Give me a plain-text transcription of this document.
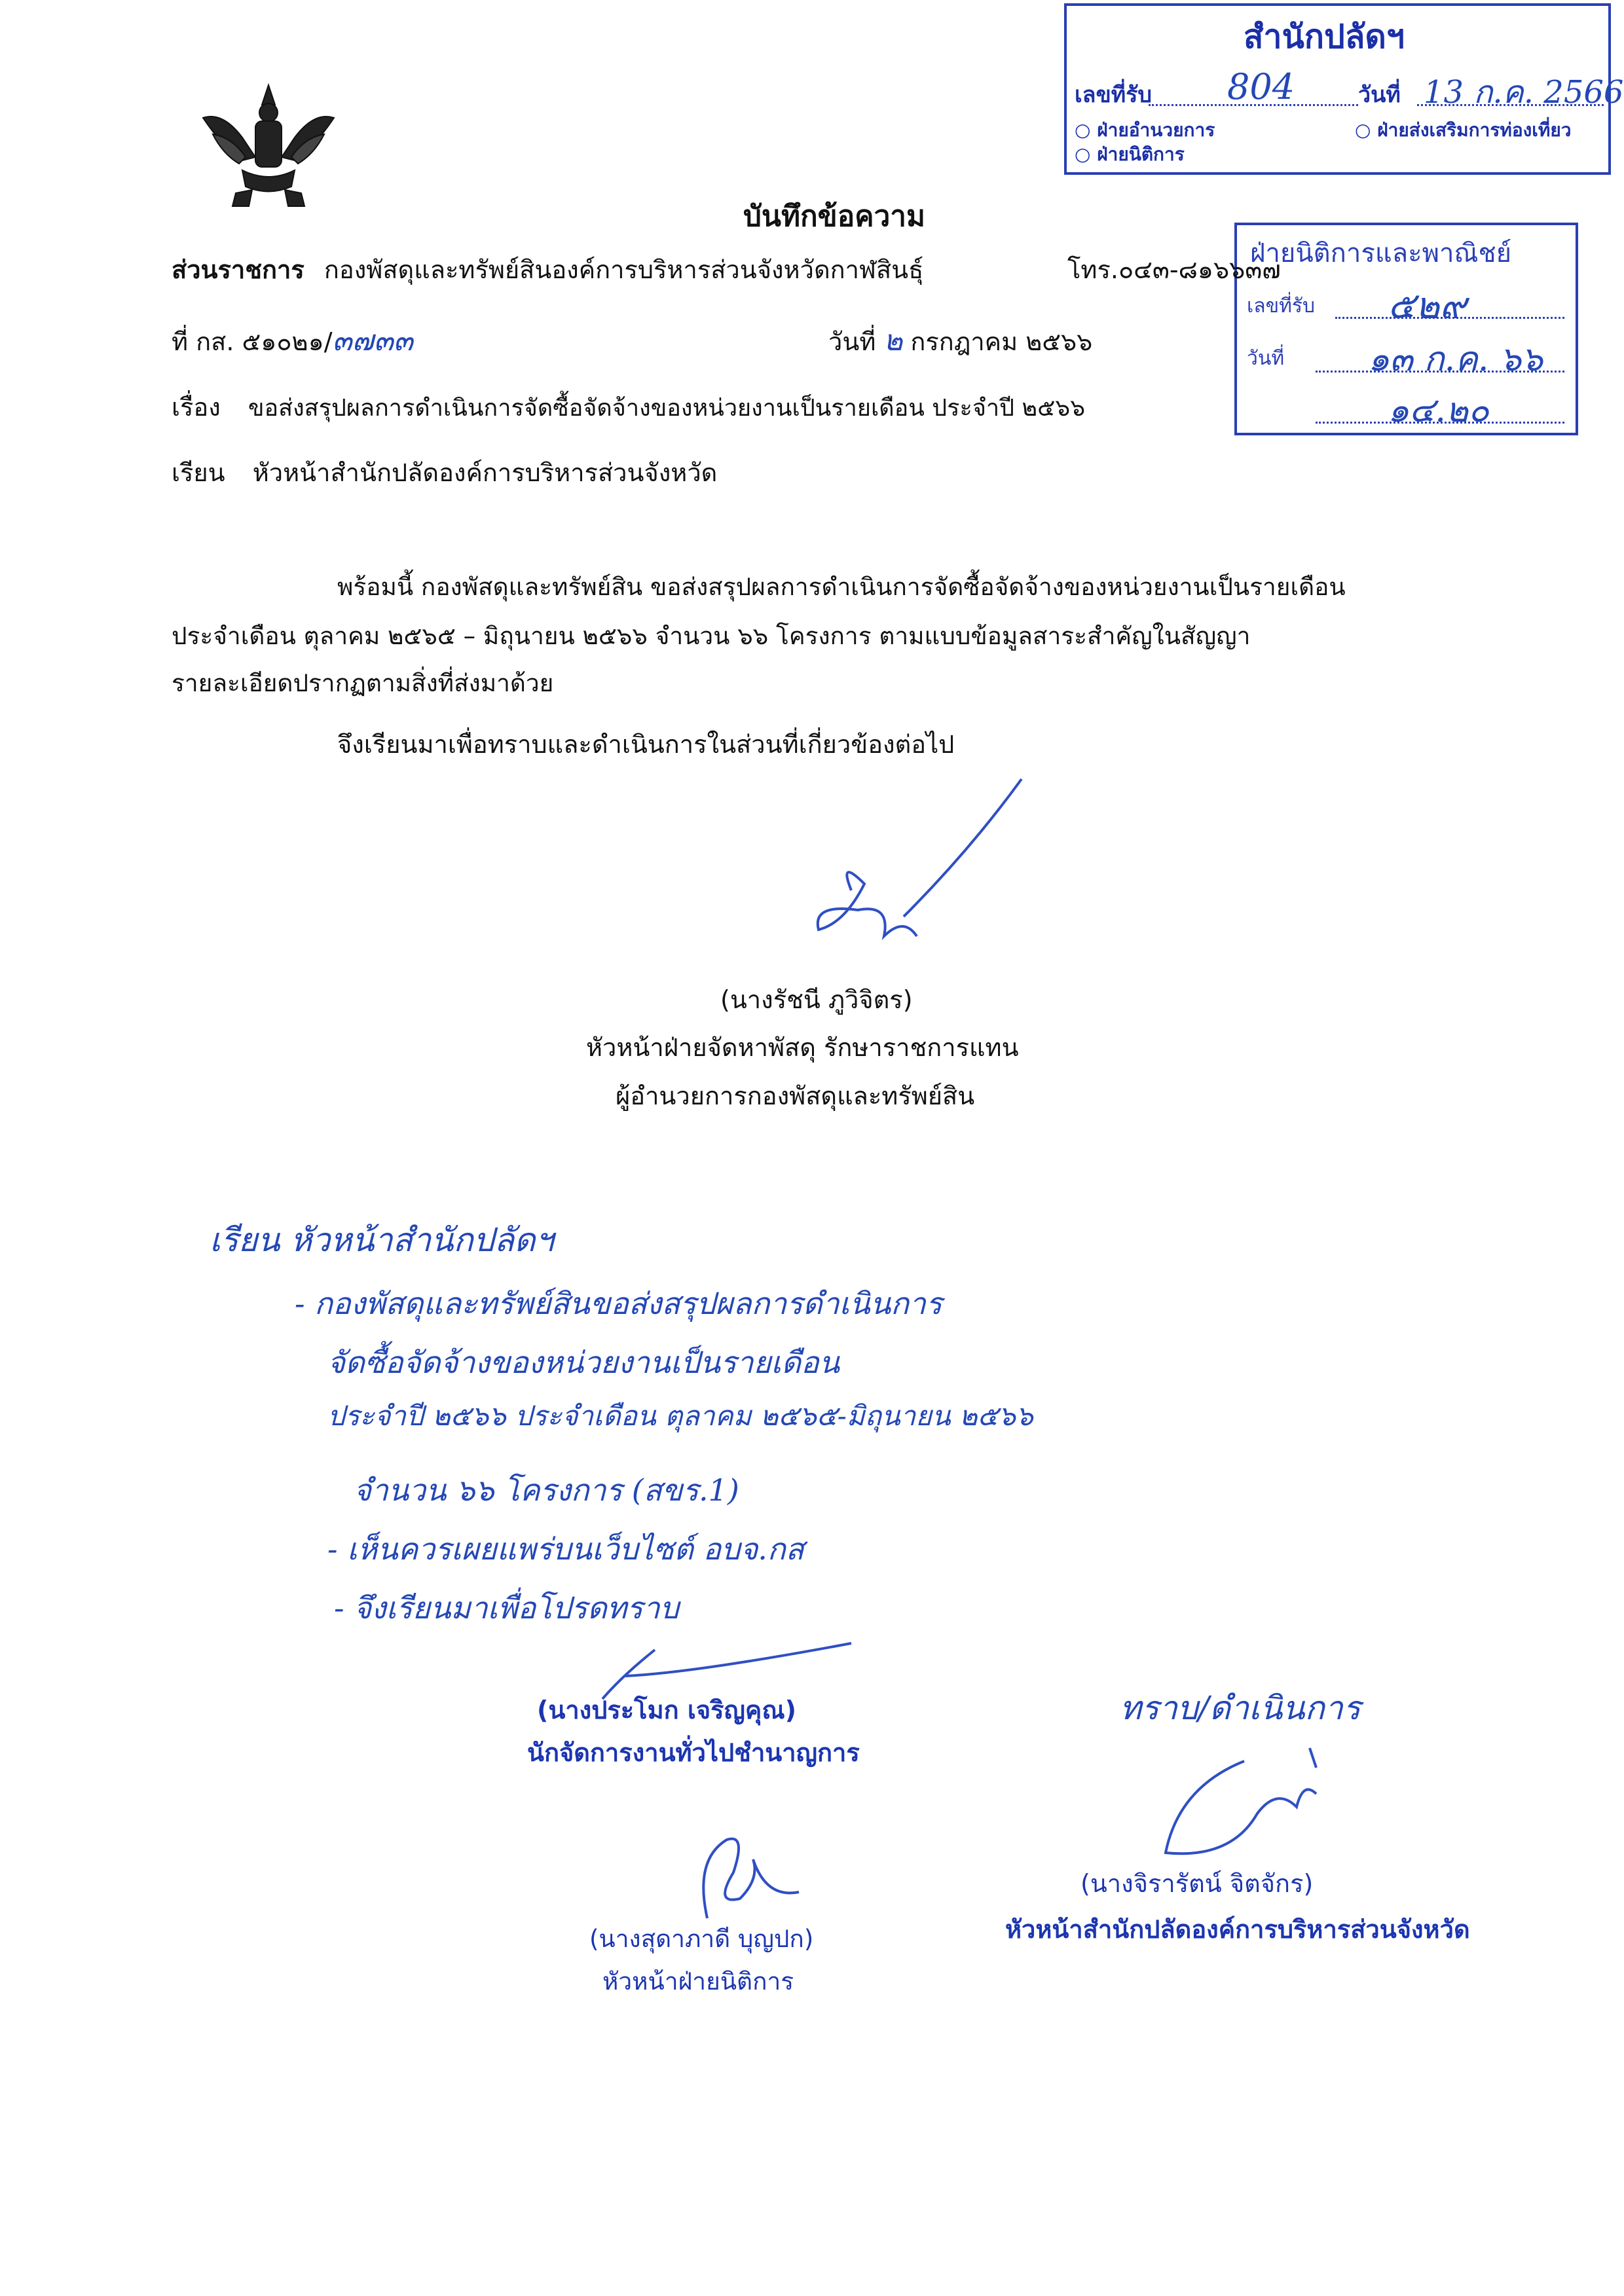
สำนักปลัดฯ
เลขที่รับ 804	วันที่ 13 ก.ค. 2566
○ ฝ่ายอำนวยการ	○ ฝ่ายส่งเสริมการท่องเที่ยว
○ ฝ่ายนิติการ
ฝ่ายนิติการและพาณิชย์
เลขที่รับ ๕๒๙
วันที่ ๑๓ ก.ค. ๖๖
๑๔.๒๐
บันทึกข้อความ
ส่วนราชการ กองพัสดุและทรัพย์สินองค์การบริหารส่วนจังหวัดกาฬสินธุ์	โทร.๐๔๓-๘๑๖๖๓๗
ที่ กส. ๕๑๐๒๑/๓๗๓๓	วันที่ ๒ กรกฎาคม ๒๕๖๖
เรื่อง ขอส่งสรุปผลการดำเนินการจัดซื้อจัดจ้างของหน่วยงานเป็นรายเดือน ประจำปี ๒๕๖๖
เรียน หัวหน้าสำนักปลัดองค์การบริหารส่วนจังหวัด
พร้อมนี้ กองพัสดุและทรัพย์สิน ขอส่งสรุปผลการดำเนินการจัดซื้อจัดจ้างของหน่วยงานเป็นรายเดือน
ประจำเดือน ตุลาคม ๒๕๖๕ – มิถุนายน ๒๕๖๖ จำนวน ๖๖ โครงการ ตามแบบข้อมูลสาระสำคัญในสัญญา
รายละเอียดปรากฏตามสิ่งที่ส่งมาด้วย
จึงเรียนมาเพื่อทราบและดำเนินการในส่วนที่เกี่ยวข้องต่อไป
(นางรัชนี ภูวิจิตร)
หัวหน้าฝ่ายจัดหาพัสดุ รักษาราชการแทน
ผู้อำนวยการกองพัสดุและทรัพย์สิน
เรียน หัวหน้าสำนักปลัดฯ
- กองพัสดุและทรัพย์สินขอส่งสรุปผลการดำเนินการ
จัดซื้อจัดจ้างของหน่วยงานเป็นรายเดือน
ประจำปี ๒๕๖๖ ประจำเดือน ตุลาคม ๒๕๖๕-มิถุนายน ๒๕๖๖
จำนวน ๖๖ โครงการ (สขร.1)
- เห็นควรเผยแพร่บนเว็บไซต์ อบจ.กส
- จึงเรียนมาเพื่อโปรดทราบ
(นางประโมก เจริญคุณ)
นักจัดการงานทั่วไปชำนาญการ
(นางสุดาภาดี บุญปก)
หัวหน้าฝ่ายนิติการ
ทราบ/ดำเนินการ
(นางจิรารัตน์ จิตจักร)
หัวหน้าสำนักปลัดองค์การบริหารส่วนจังหวัด
